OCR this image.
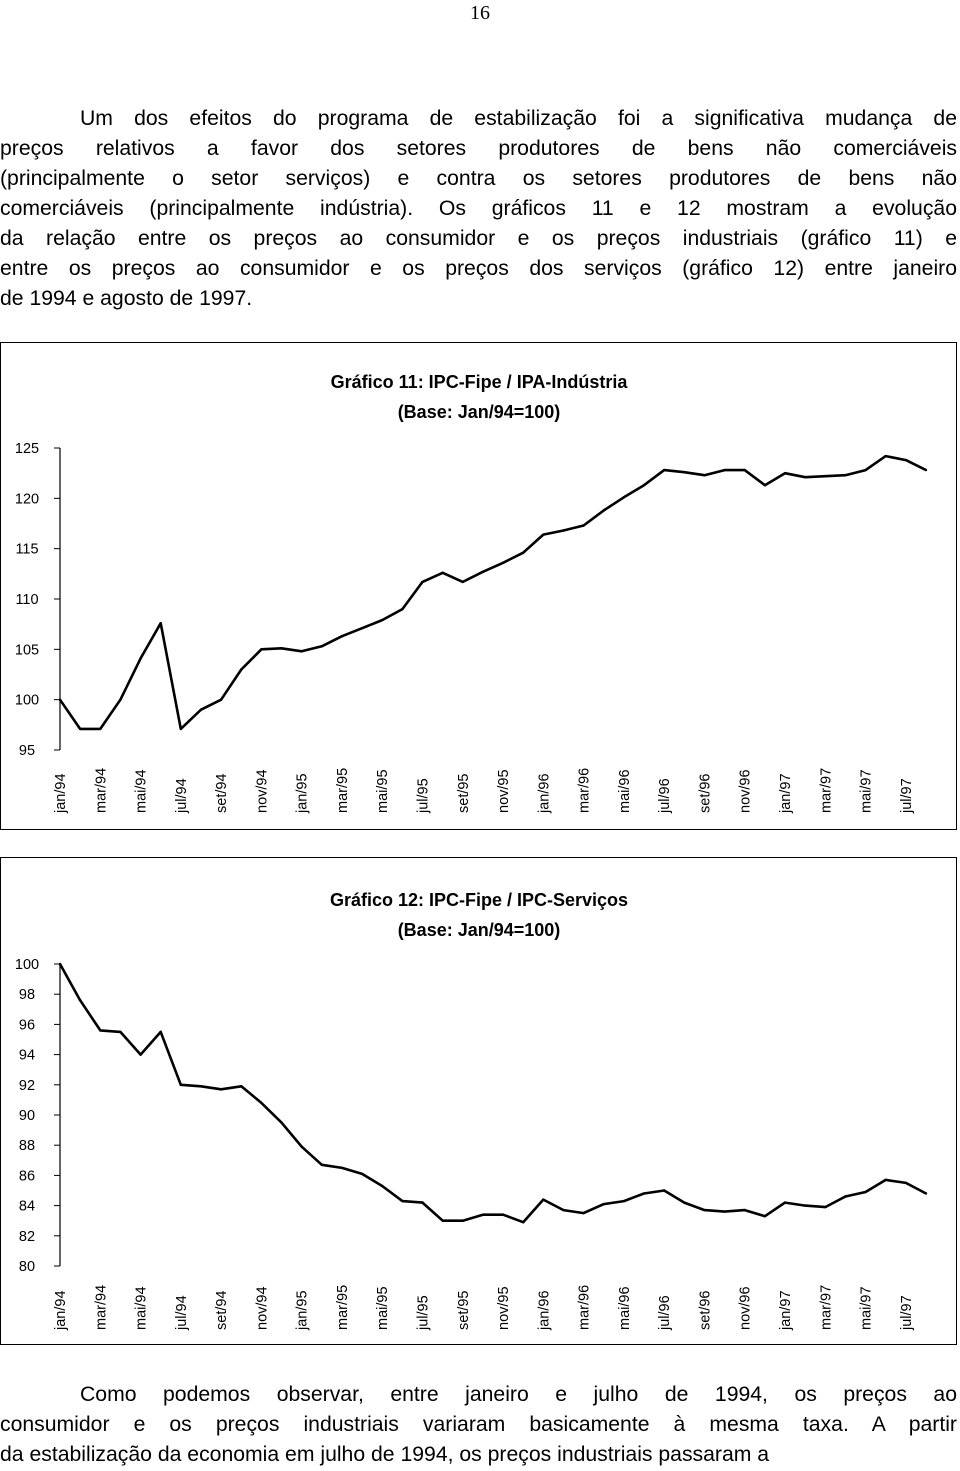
16
Um dos efeitos do programa de estabilização foi a significativa mudança de
preços relativos a favor dos setores produtores de bens não comerciáveis
(principalmente o setor serviços) e contra os setores produtores de bens não
comerciáveis (principalmente indústria). Os gráficos 11 e 12 mostram a evolução
da relação entre os preços ao consumidor e os preços industriais (gráfico 11) e
entre os preços ao consumidor e os preços dos serviços (gráfico 12) entre janeiro
de 1994 e agosto de 1997.
Gráfico 11: IPC-Fipe / IPA-Indústria
(Base: Jan/94=100)
95
100
105
110
115
120
125
jan/94 mar/94 mai/94 jul/94 set/94 nov/94 jan/95 mar/95 mai/95 jul/95 set/95 nov/95 jan/96 mar/96 mai/96 jul/96 set/96 nov/96 jan/97 mar/97 mai/97 jul/97
Gráfico 12: IPC-Fipe / IPC-Serviços
(Base: Jan/94=100)
80
82
84
86
88
90
92
94
96
98
100
jan/94 mar/94 mai/94 jul/94 set/94 nov/94 jan/95 mar/95 mai/95 jul/95 set/95 nov/95 jan/96 mar/96 mai/96 jul/96 set/96 nov/96 jan/97 mar/97 mai/97 jul/97
Como podemos observar, entre janeiro e julho de 1994, os preços ao
consumidor e os preços industriais variaram basicamente à mesma taxa. A partir
da estabilização da economia em julho de 1994, os preços industriais passaram a
